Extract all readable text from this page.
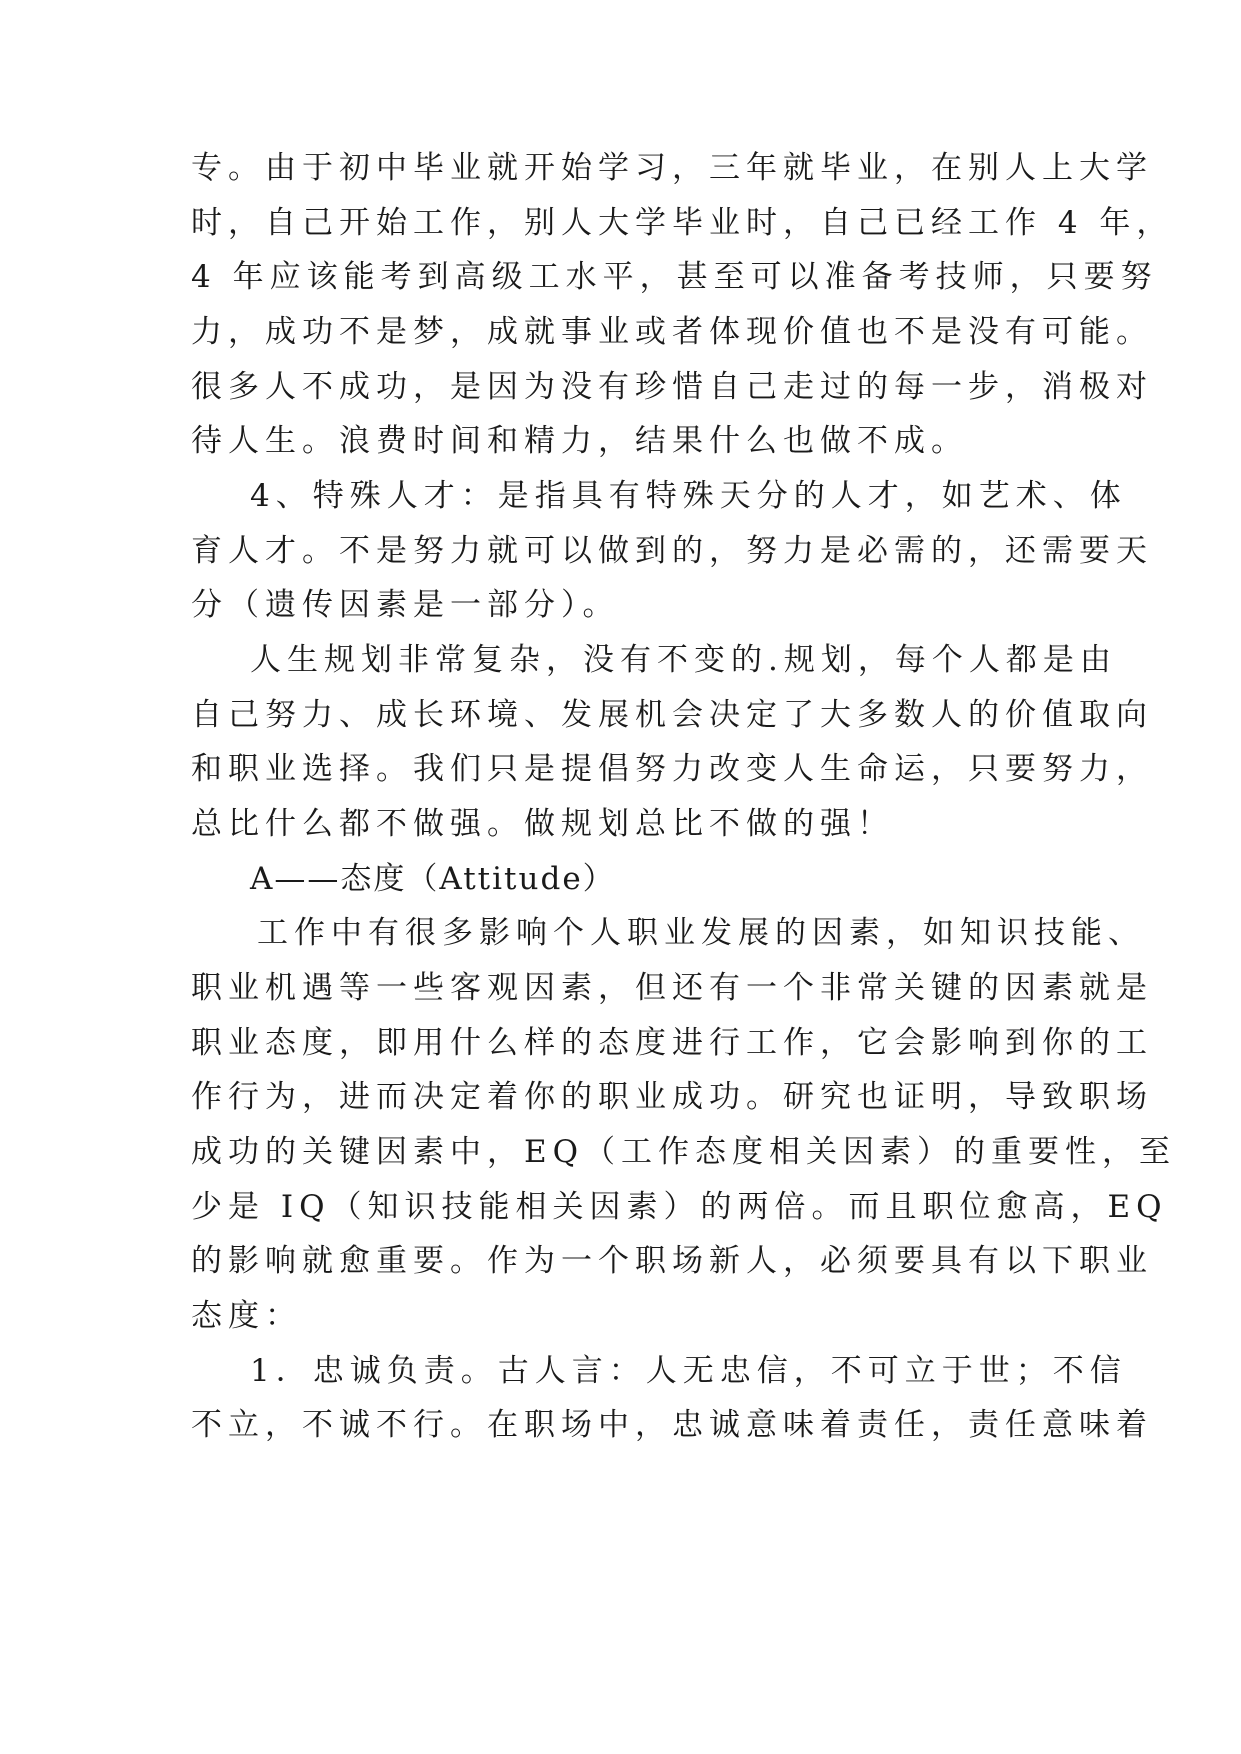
专。由于初中毕业就开始学习，三年就毕业，在别人上大学
时，自己开始工作，别人大学毕业时，自己已经工作 4 年，
4 年应该能考到高级工水平，甚至可以准备考技师，只要努
力，成功不是梦，成就事业或者体现价值也不是没有可能。
很多人不成功，是因为没有珍惜自己走过的每一步，消极对
待人生。浪费时间和精力，结果什么也做不成。
4、特殊人才：是指具有特殊天分的人才，如艺术、体
育人才。不是努力就可以做到的，努力是必需的，还需要天
分（遗传因素是一部分）。
人生规划非常复杂，没有不变的.规划，每个人都是由
自己努力、成长环境、发展机会决定了大多数人的价值取向
和职业选择。我们只是提倡努力改变人生命运，只要努力，
总比什么都不做强。做规划总比不做的强！
A——态度（Attitude）
工作中有很多影响个人职业发展的因素，如知识技能、
职业机遇等一些客观因素，但还有一个非常关键的因素就是
职业态度，即用什么样的态度进行工作，它会影响到你的工
作行为，进而决定着你的职业成功。研究也证明，导致职场
成功的关键因素中，EQ（工作态度相关因素）的重要性，至
少是 IQ（知识技能相关因素）的两倍。而且职位愈高，EQ
的影响就愈重要。作为一个职场新人，必须要具有以下职业
态度：
1．忠诚负责。古人言：人无忠信，不可立于世；不信
不立，不诚不行。在职场中，忠诚意味着责任，责任意味着
